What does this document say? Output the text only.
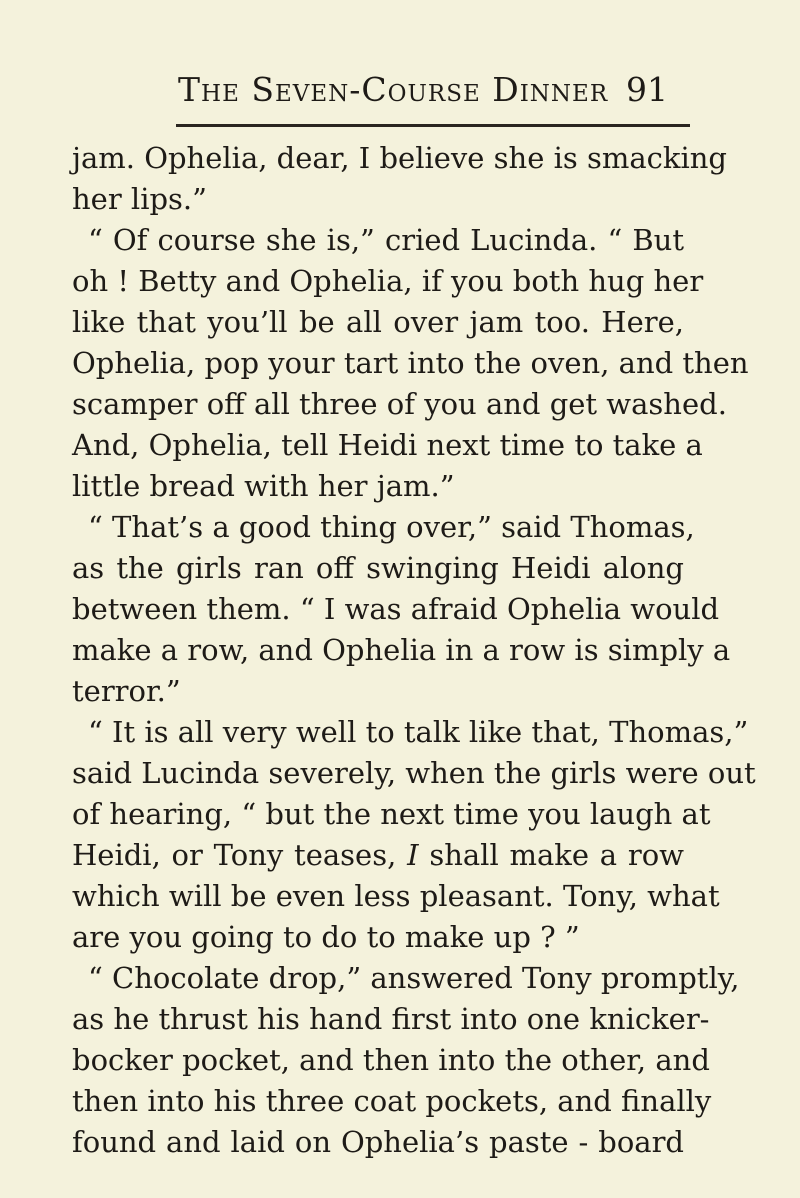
The Seven-Course Dinner 91
jam. Ophelia, dear, I believe she is smacking
her lips.”
“ Of course she is,” cried Lucinda. “ But
oh ! Betty and Ophelia, if you both hug her
like that you’ll be all over jam too. Here,
Ophelia, pop your tart into the oven, and then
scamper off all three of you and get washed.
And, Ophelia, tell Heidi next time to take a
little bread with her jam.”
“ That’s a good thing over,” said Thomas,
as the girls ran off swinging Heidi along
between them. “ I was afraid Ophelia would
make a row, and Ophelia in a row is simply a
terror.”
“ It is all very well to talk like that, Thomas,”
said Lucinda severely, when the girls were out
of hearing, “ but the next time you laugh at
Heidi, or Tony teases, I shall make a row
which will be even less pleasant. Tony, what
are you going to do to make up ? ”
“ Chocolate drop,” answered Tony promptly,
as he thrust his hand first into one knicker-
bocker pocket, and then into the other, and
then into his three coat pockets, and finally
found and laid on Ophelia’s paste - board
